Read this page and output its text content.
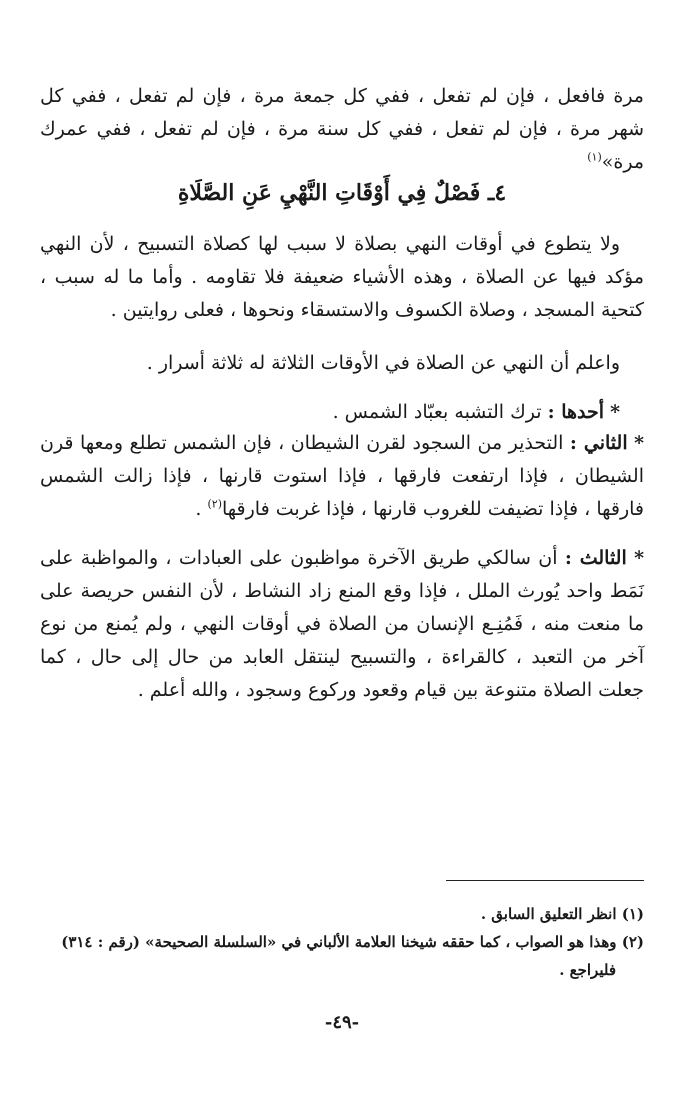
مرة فافعل ، فإن لم تفعل ، ففي كل جمعة مرة ، فإن لم تفعل ، ففي كل شهر مرة ، فإن لم تفعل ، ففي كل سنة مرة ، فإن لم تفعل ، ففي عمرك مرة»$^{(١)}$

٤ـ فَصْلٌ فِي أَوْقَاتِ النَّهْيِ عَنِ الصَّلَاةِ

ولا يتطوع في أوقات النهي بصلاة لا سبب لها كصلاة التسبيح ، لأن النهي مؤكد فيها عن الصلاة ، وهذه الأشياء ضعيفة فلا تقاومه . وأما ما له سبب ، كتحية المسجد ، وصلاة الكسوف والاستسقاء ونحوها ، فعلى روايتين .

واعلم أن النهي عن الصلاة في الأوقات الثلاثة له ثلاثة أسرار .

* أحدها : ترك التشبه بعبّاد الشمس .

* الثاني : التحذير من السجود لقرن الشيطان ، فإن الشمس تطلع ومعها قرن الشيطان ، فإذا ارتفعت فارقها ، فإذا استوت قارنها ، فإذا زالت الشمس فارقها ، فإذا تضيفت للغروب قارنها ، فإذا غربت فارقها$^{(٢)}$ .

* الثالث : أن سالكي طريق الآخرة مواظبون على العبادات ، والمواظبة على نَمَط واحد يُورث الملل ، فإذا وقع المنع زاد النشاط ، لأن النفس حريصة على ما منعت منه ، فَمُنِـع الإنسان من الصلاة في أوقات النهي ، ولم يُمنع من نوع آخر من التعبد ، كالقراءة ، والتسبيح لينتقل العابد من حال إلى حال ، كما جعلت الصلاة متنوعة بين قيام وقعود وركوع وسجود ، والله أعلم .

(١) انظر التعليق السابق .

(٢) وهذا هو الصواب ، كما حققه شيخنا العلامة الألباني في «السلسلة الصحيحة» (رقم : ٣١٤)

فليراجع .

-٤٩-
